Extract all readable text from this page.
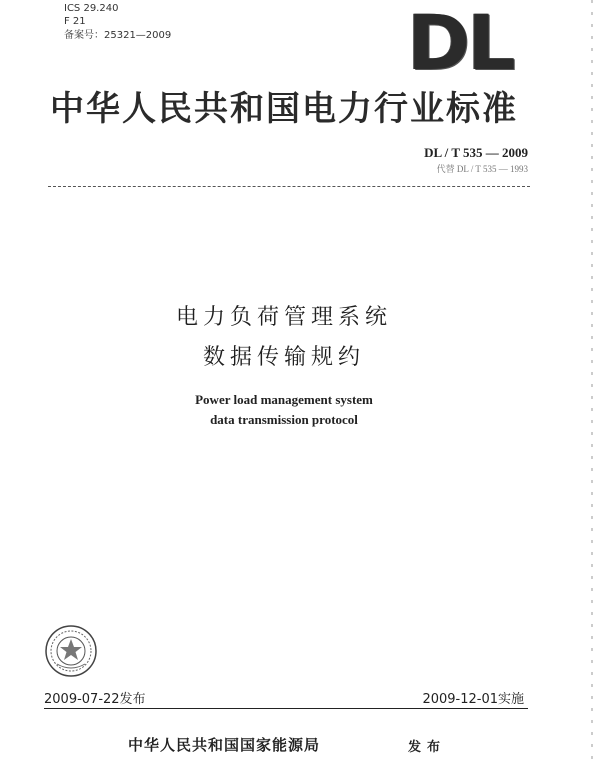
ICS 29.240
F 21
备案号：25321—2009	DL
中华人民共和国电力行业标准
DL / T 535 — 2009
代替 DL / T 535 — 1993
电力负荷管理系统
数据传输规约
Power load management system
data transmission protocol
2009-07-22发布	2009-12-01实施
中华人民共和国国家能源局	发布
